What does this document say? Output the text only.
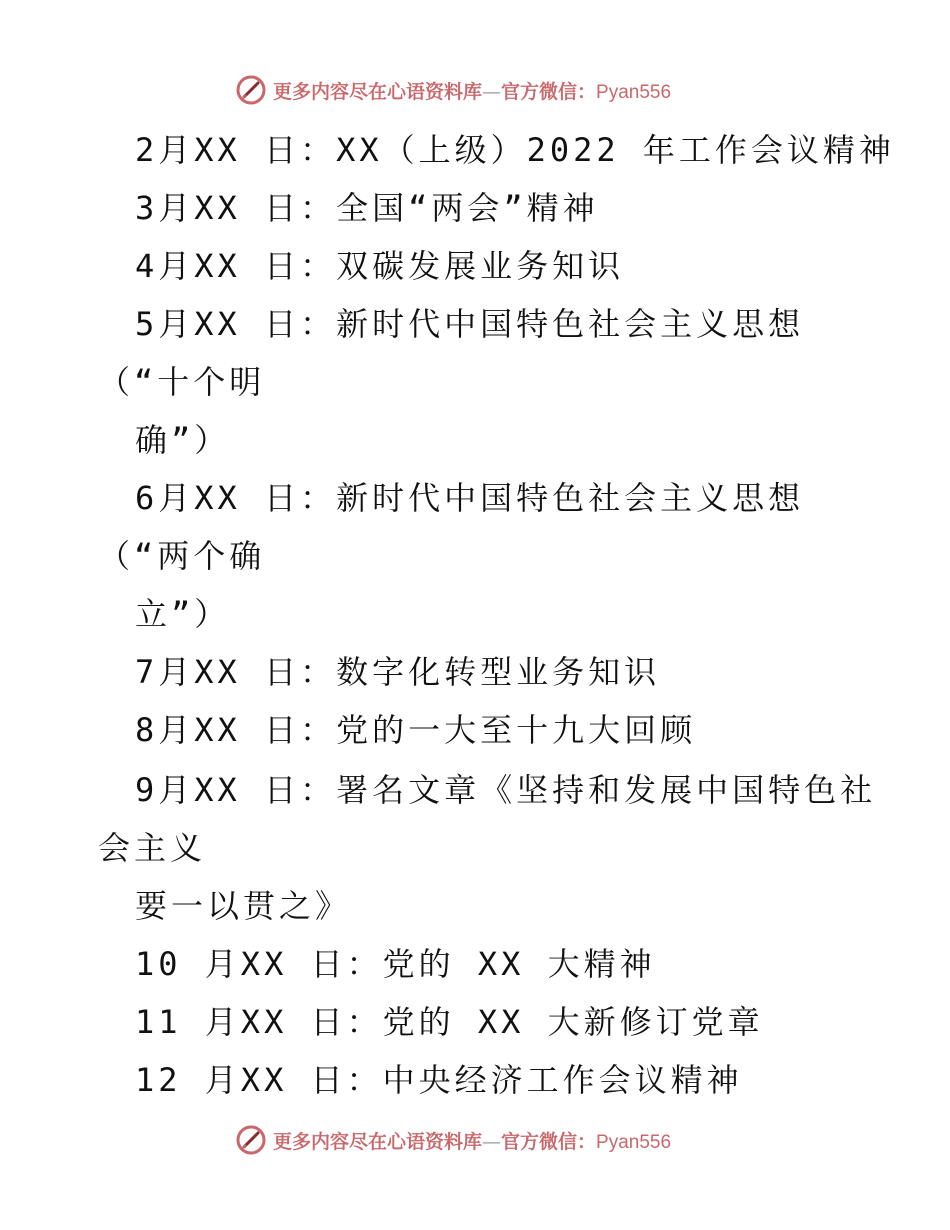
更多内容尽在心语资料库—官方微信：Pyan556
2月XX 日：XX（上级）2022 年工作会议精神
3月XX 日：全国“两会”精神
4月XX 日：双碳发展业务知识
5月XX 日：新时代中国特色社会主义思想
（“十个明
确”）
6月XX 日：新时代中国特色社会主义思想
（“两个确
立”）
7月XX 日：数字化转型业务知识
8月XX 日：党的一大至十九大回顾
9月XX 日：署名文章《坚持和发展中国特色社
会主义
要一以贯之》
10 月XX 日：党的 XX 大精神
11 月XX 日：党的 XX 大新修订党章
12 月XX 日：中央经济工作会议精神
更多内容尽在心语资料库—官方微信：Pyan556
